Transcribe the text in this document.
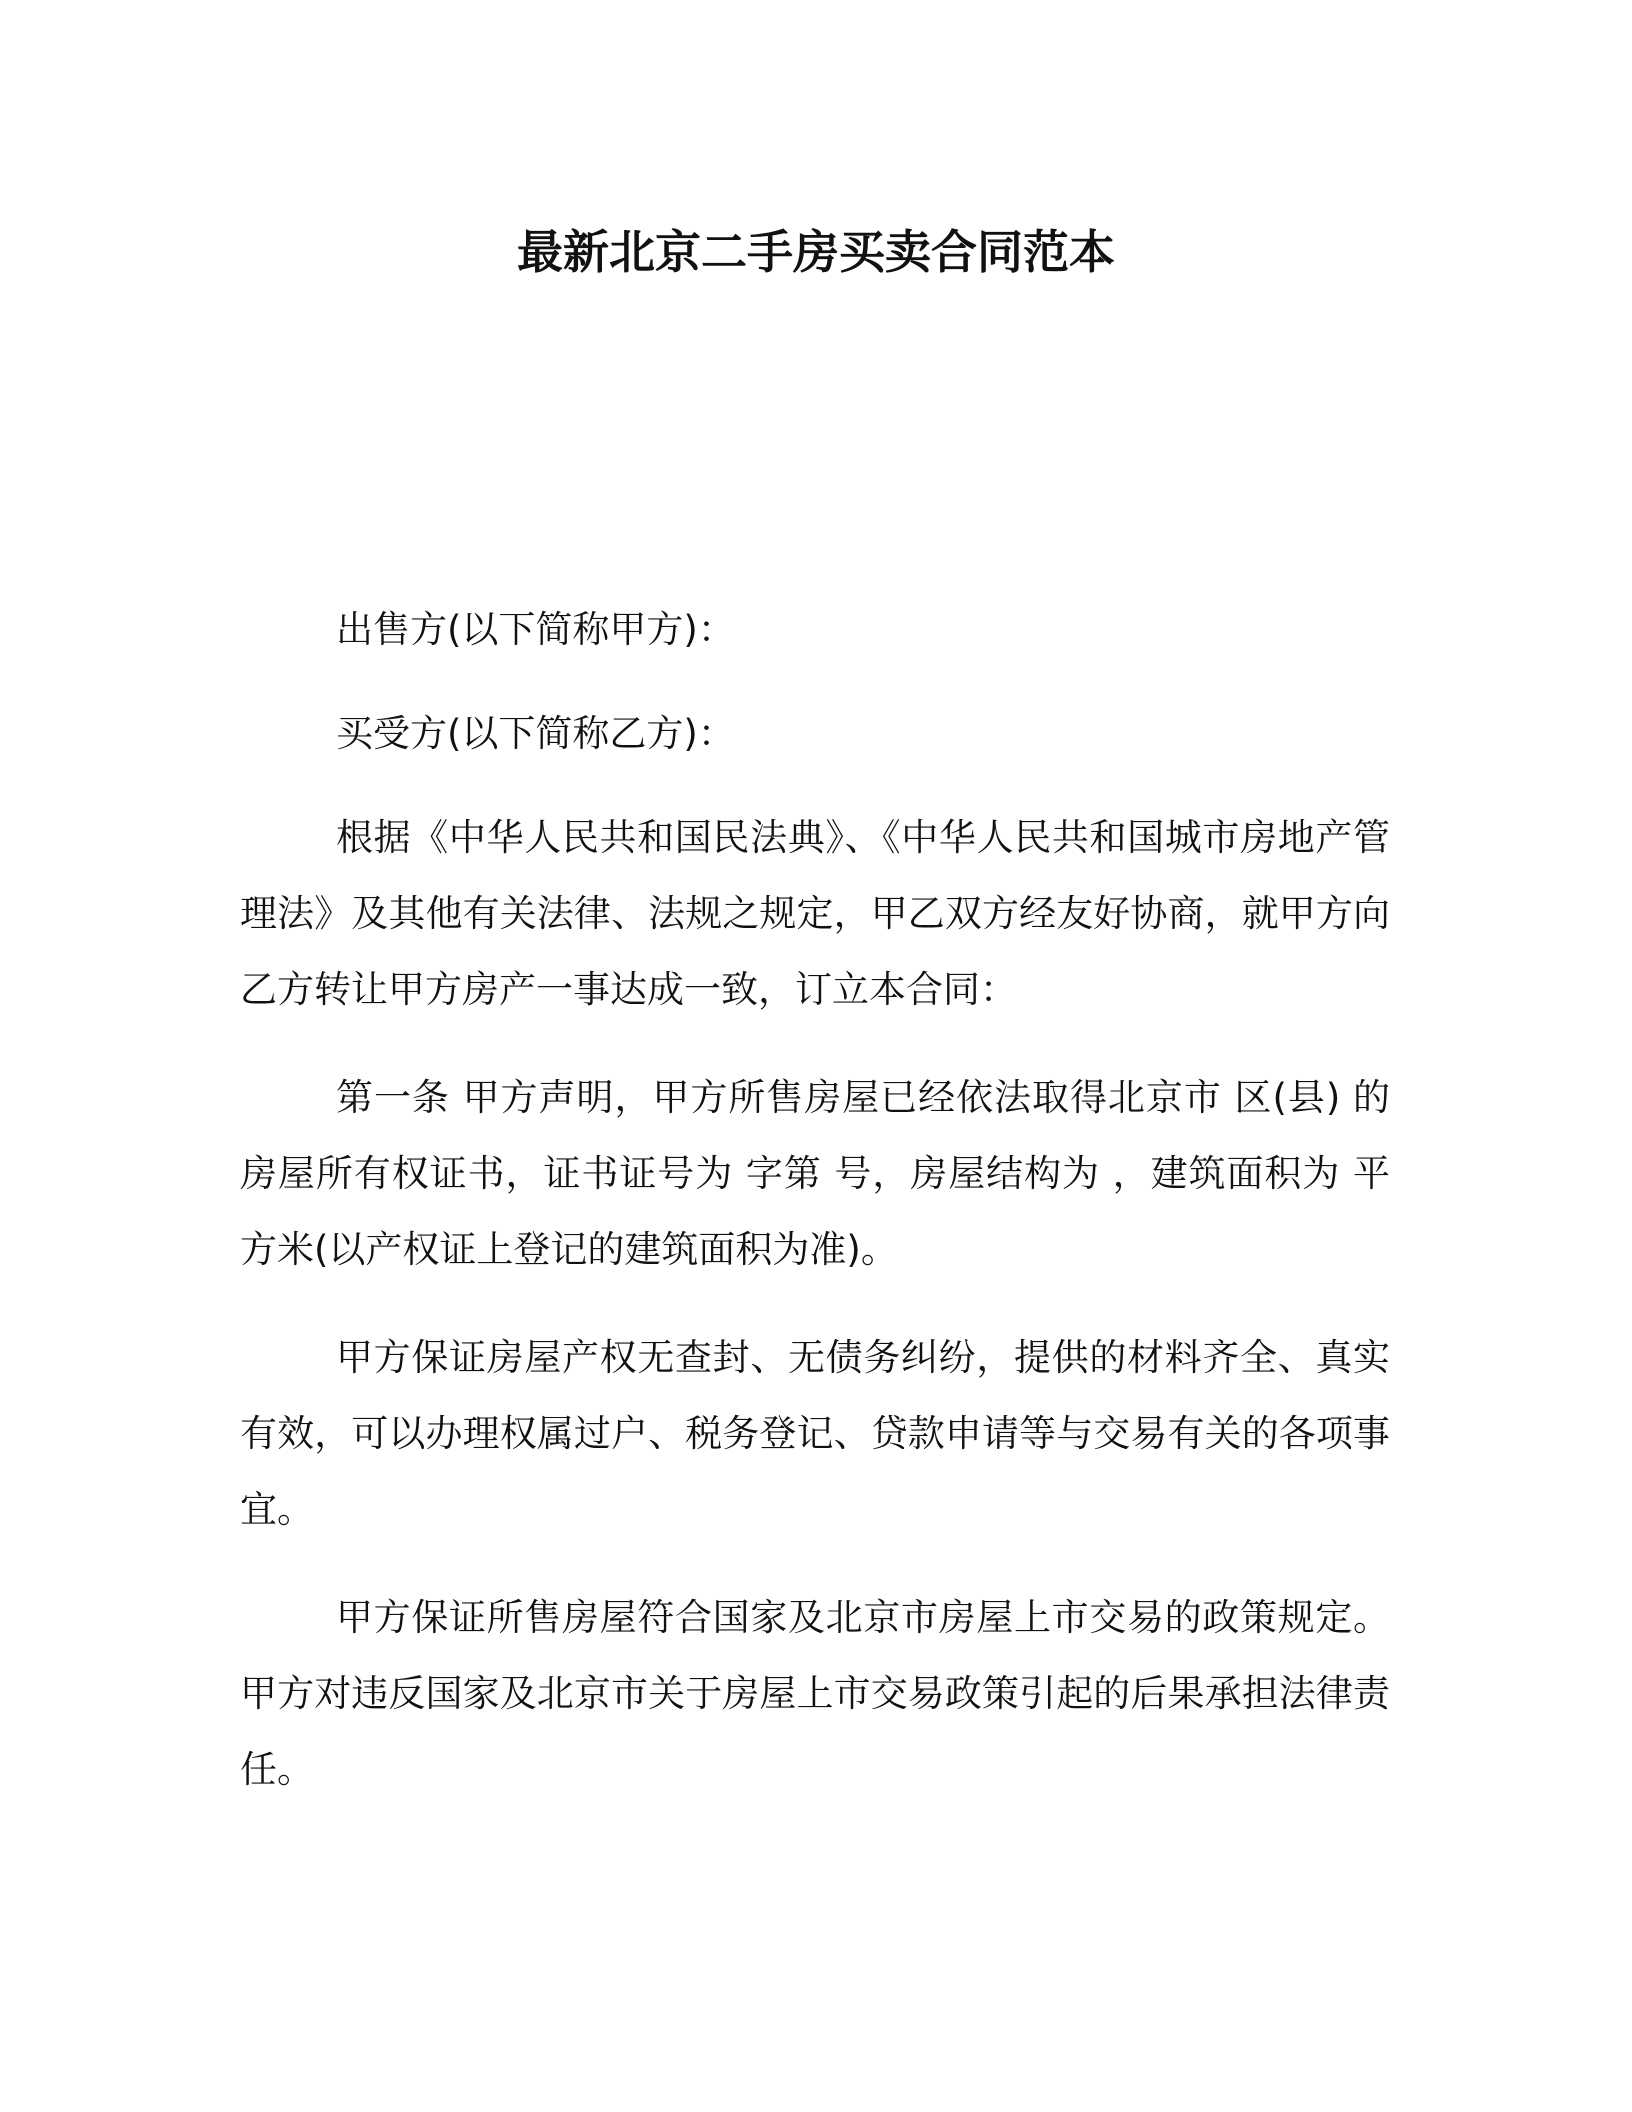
最新北京二手房买卖合同范本

出售方(以下简称甲方)：

买受方(以下简称乙方)：

根据《中华人民共和国民法典》、《中华人民共和国城市房地产管理法》及其他有关法律、法规之规定，甲乙双方经友好协商，就甲方向乙方转让甲方房产一事达成一致，订立本合同：

第一条 甲方声明，甲方所售房屋已经依法取得北京市 区(县) 的房屋所有权证书，证书证号为 字第 号，房屋结构为 ，建筑面积为 平方米(以产权证上登记的建筑面积为准)。

甲方保证房屋产权无查封、无债务纠纷，提供的材料齐全、真实有效，可以办理权属过户、税务登记、贷款申请等与交易有关的各项事宜。

甲方保证所售房屋符合国家及北京市房屋上市交易的政策规定。甲方对违反国家及北京市关于房屋上市交易政策引起的后果承担法律责任。
